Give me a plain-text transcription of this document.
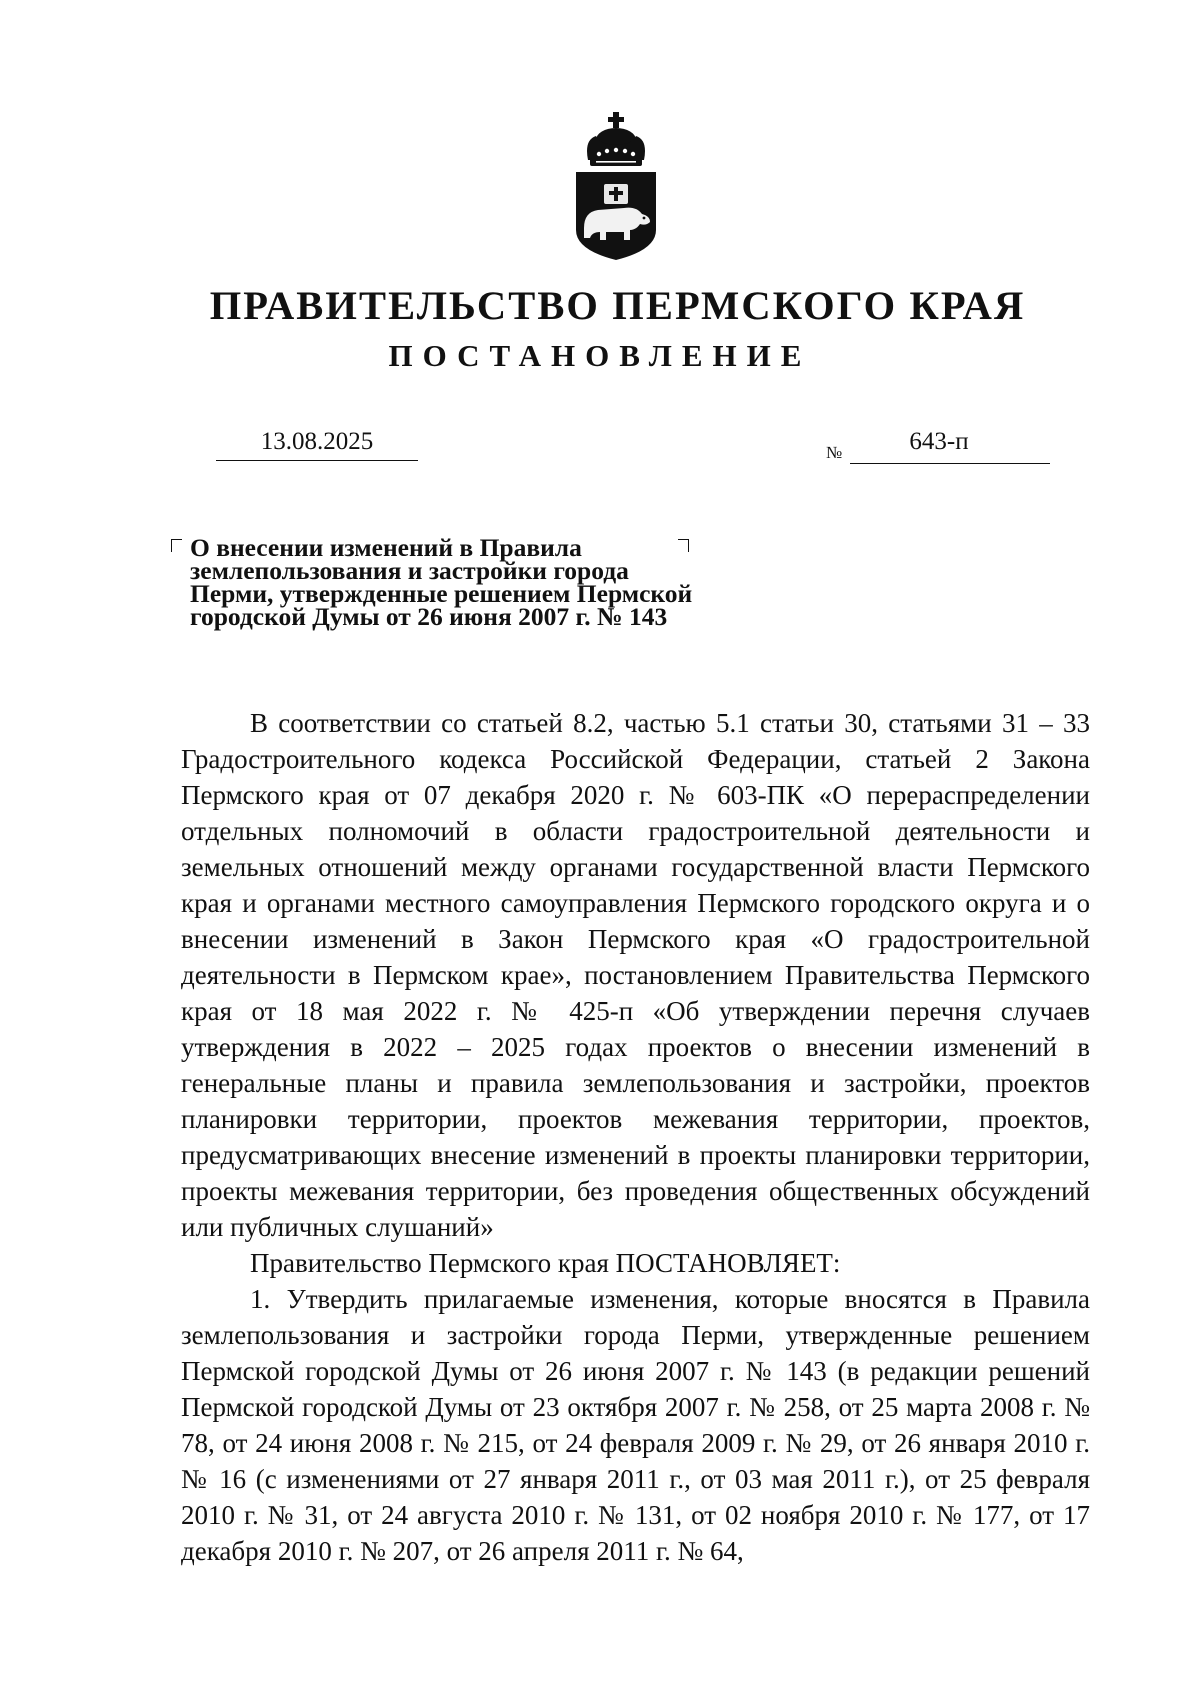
ПРАВИТЕЛЬСТВО ПЕРМСКОГО КРАЯ
ПОСТАНОВЛЕНИЕ
13.08.2025	№	643-п
О внесении изменений в Правила
землепользования и застройки города
Перми, утвержденные решением Пермской
городской Думы от 26 июня 2007 г. № 143

В соответствии со статьей 8.2, частью 5.1 статьи 30, статьями 31 – 33 Градостроительного кодекса Российской Федерации, статьей 2 Закона Пермского края от 07 декабря 2020 г. № 603-ПК «О перераспределении отдельных полномочий в области градостроительной деятельности и земельных отношений между органами государственной власти Пермского края и органами местного самоуправления Пермского городского округа и о внесении изменений в Закон Пермского края «О градостроительной деятельности в Пермском крае», постановлением Правительства Пермского края от 18 мая 2022 г. № 425-п «Об утверждении перечня случаев утверждения в 2022 – 2025 годах проектов о внесении изменений в генеральные планы и правила землепользования и застройки, проектов планировки территории, проектов межевания территории, проектов, предусматривающих внесение изменений в проекты планировки территории, проекты межевания территории, без проведения общественных обсуждений или публичных слушаний»

Правительство Пермского края ПОСТАНОВЛЯЕТ:

1. Утвердить прилагаемые изменения, которые вносятся в Правила землепользования и застройки города Перми, утвержденные решением Пермской городской Думы от 26 июня 2007 г. № 143 (в редакции решений Пермской городской Думы от 23 октября 2007 г. № 258, от 25 марта 2008 г. № 78, от 24 июня 2008 г. № 215, от 24 февраля 2009 г. № 29, от 26 января 2010 г. № 16 (с изменениями от 27 января 2011 г., от 03 мая 2011 г.), от 25 февраля 2010 г. № 31, от 24 августа 2010 г. № 131, от 02 ноября 2010 г. № 177, от 17 декабря 2010 г. № 207, от 26 апреля 2011 г. № 64,
